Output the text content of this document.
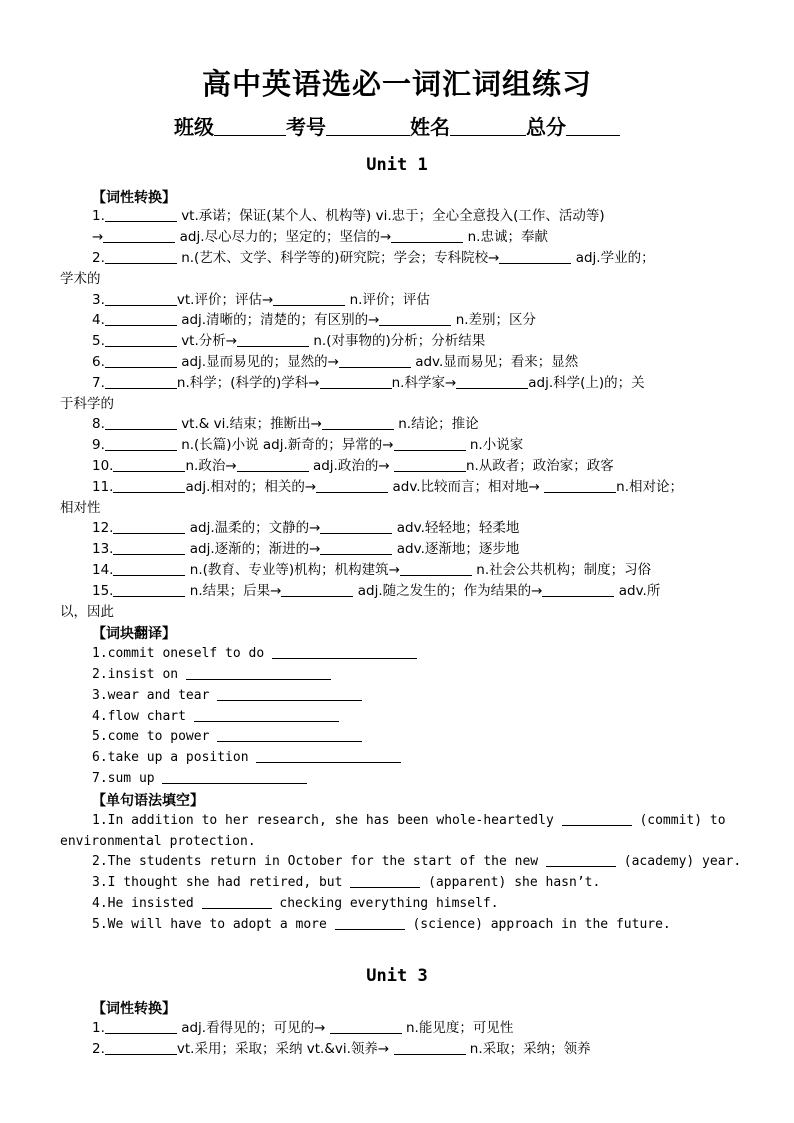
高中英语选必一词汇词组练习
班级	考号	姓名	总分
Unit 1
【词性转换】
1.	vt.承诺；保证(某个人、机构等) vi.忠于；全心全意投入(工作、活动等)
→	adj.尽心尽力的；坚定的；坚信的→	n.忠诚；奉献
2.	n.(艺术、文学、科学等的)研究院；学会；专科院校→	adj.学业的；
学术的
3.	vt.评价；评估→	n.评价；评估
4.	adj.清晰的；清楚的；有区别的→	n.差别；区分
5.	vt.分析→	n.(对事物的)分析；分析结果
6.	adj.显而易见的；显然的→	adv.显而易见；看来；显然
7.	n.科学；(科学的)学科→	n.科学家→	adj.科学(上)的；关
于科学的
8.	vt.& vi.结束；推断出→	n.结论；推论
9.	n.(长篇)小说 adj.新奇的；异常的→	n.小说家
10.	n.政治→	adj.政治的→	n.从政者；政治家；政客
11.	adj.相对的；相关的→	adv.比较而言；相对地→	n.相对论；
相对性
12.	adj.温柔的；文静的→	adv.轻轻地；轻柔地
13.	adj.逐渐的；渐进的→	adv.逐渐地；逐步地
14.	n.(教育、专业等)机构；机构建筑→	n.社会公共机构；制度；习俗
15.	n.结果；后果→	adj.随之发生的；作为结果的→	adv.所
以，因此
【词块翻译】
1.commit oneself to do
2.insist on
3.wear and tear
4.flow chart
5.come to power
6.take up a position
7.sum up
【单句语法填空】
1.In addition to her research, she has been whole-heartedly	(commit) to
environmental protection.
2.The students return in October for the start of the new	(academy) year.
3.I thought she had retired, but	(apparent) she hasn’t.
4.He insisted	checking everything himself.
5.We will have to adopt a more	(science) approach in the future.
Unit 3
【词性转换】
1.	adj.看得见的；可见的→	n.能见度；可见性
2.	vt.采用；采取；采纳 vt.&vi.领养→	n.采取；采纳；领养
